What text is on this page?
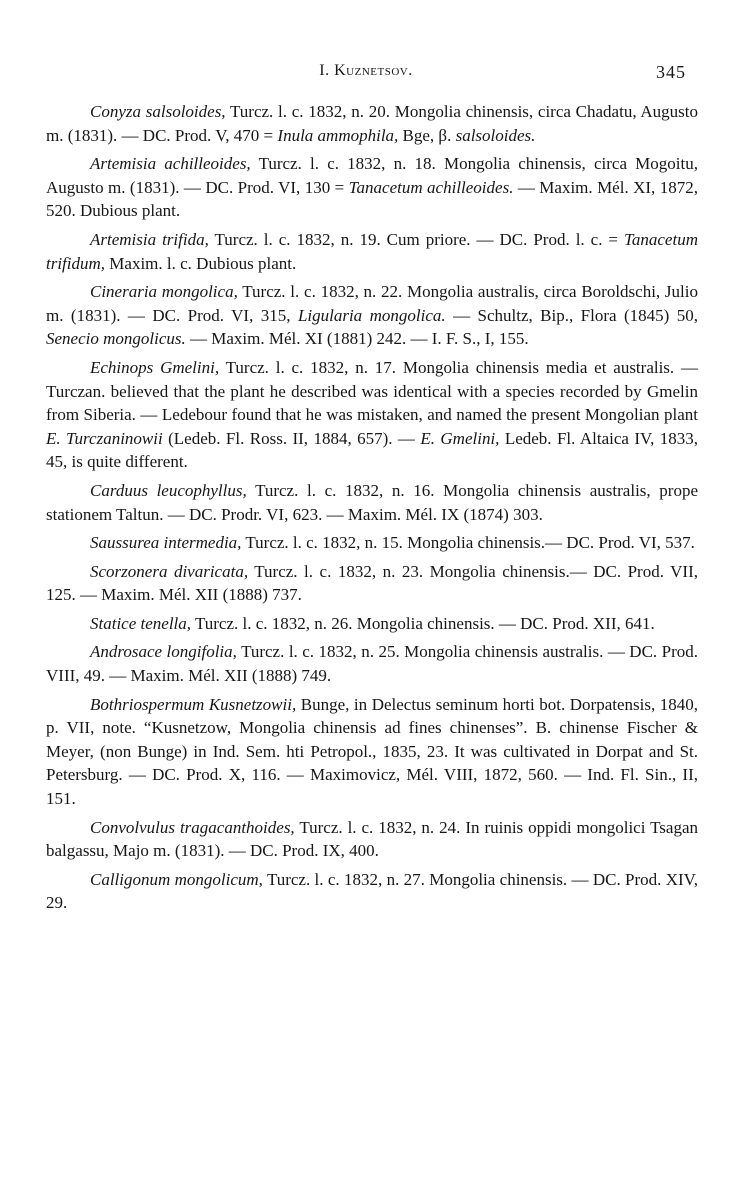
I. Kuznetsov.	345

Conyza salsoloides, Turcz. l. c. 1832, n. 20. Mongolia chinensis, circa Chadatu, Augusto m. (1831). — DC. Prod. V, 470 = Inula ammophila, Bge, β. salsoloides.

Artemisia achilleoides, Turcz. l. c. 1832, n. 18. Mongolia chinensis, circa Mogoitu, Augusto m. (1831). — DC. Prod. VI, 130 = Tanacetum achilleoides. — Maxim. Mél. XI, 1872, 520. Dubious plant.

Artemisia trifida, Turcz. l. c. 1832, n. 19. Cum priore. — DC. Prod. l. c. = Tanacetum trifidum, Maxim. l. c. Dubious plant.

Cineraria mongolica, Turcz. l. c. 1832, n. 22. Mongolia australis, circa Boroldschi, Julio m. (1831). — DC. Prod. VI, 315, Ligularia mongolica. — Schultz, Bip., Flora (1845) 50, Senecio mongolicus. — Maxim. Mél. XI (1881) 242. — I. F. S., I, 155.

Echinops Gmelini, Turcz. l. c. 1832, n. 17. Mongolia chinensis media et australis. — Turczan. believed that the plant he described was identical with a species recorded by Gmelin from Siberia. — Ledebour found that he was mistaken, and named the present Mongolian plant E. Turczaninowii (Ledeb. Fl. Ross. II, 1884, 657). — E. Gmelini, Ledeb. Fl. Altaica IV, 1833, 45, is quite different.

Carduus leucophyllus, Turcz. l. c. 1832, n. 16. Mongolia chinensis australis, prope stationem Taltun. — DC. Prodr. VI, 623. — Maxim. Mél. IX (1874) 303.

Saussurea intermedia, Turcz. l. c. 1832, n. 15. Mongolia chinensis.— DC. Prod. VI, 537.

Scorzonera divaricata, Turcz. l. c. 1832, n. 23. Mongolia chinensis.— DC. Prod. VII, 125. — Maxim. Mél. XII (1888) 737.

Statice tenella, Turcz. l. c. 1832, n. 26. Mongolia chinensis. — DC. Prod. XII, 641.

Androsace longifolia, Turcz. l. c. 1832, n. 25. Mongolia chinensis australis. — DC. Prod. VIII, 49. — Maxim. Mél. XII (1888) 749.

Bothriospermum Kusnetzowii, Bunge, in Delectus seminum horti bot. Dorpatensis, 1840, p. VII, note. “Kusnetzow, Mongolia chinensis ad fines chinenses”. B. chinense Fischer & Meyer, (non Bunge) in Ind. Sem. hti Petropol., 1835, 23. It was cultivated in Dorpat and St. Petersburg. — DC. Prod. X, 116. — Maximovicz, Mél. VIII, 1872, 560. — Ind. Fl. Sin., II, 151.

Convolvulus tragacanthoides, Turcz. l. c. 1832, n. 24. In ruinis oppidi mongolici Tsagan balgassu, Majo m. (1831). — DC. Prod. IX, 400.

Calligonum mongolicum, Turcz. l. c. 1832, n. 27. Mongolia chinensis. — DC. Prod. XIV, 29.
